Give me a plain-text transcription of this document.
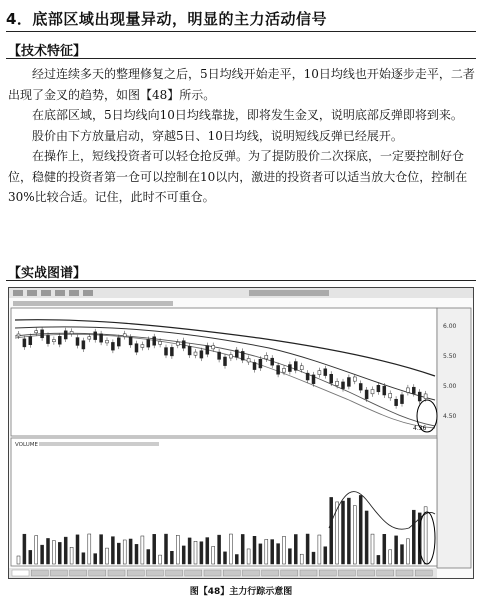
4．底部区域出现量异动，明显的主力活动信号
【技术特征】

经过连续多天的整理修复之后，5日均线开始走平，10日均线也开始逐步走平，二者出现了金叉的趋势，如图【48】所示。

在底部区域，5日均线向10日均线靠拢，即将发生金叉，说明底部反弹即将到来。

股价由下方放量启动，穿越5日、10日均线，说明短线反弹已经展开。

在操作上，短线投资者可以轻仓抢反弹。为了提防股价二次探底，一定要控制好仓位，稳健的投资者第一仓可以控制在10以内，激进的投资者可以适当放大仓位，控制在30%比较合适。记住，此时不可重仓。

【实战图谱】
6.00
5.50
5.00
4.50
4.36
VOLUME
图【48】主力行踪示意图
